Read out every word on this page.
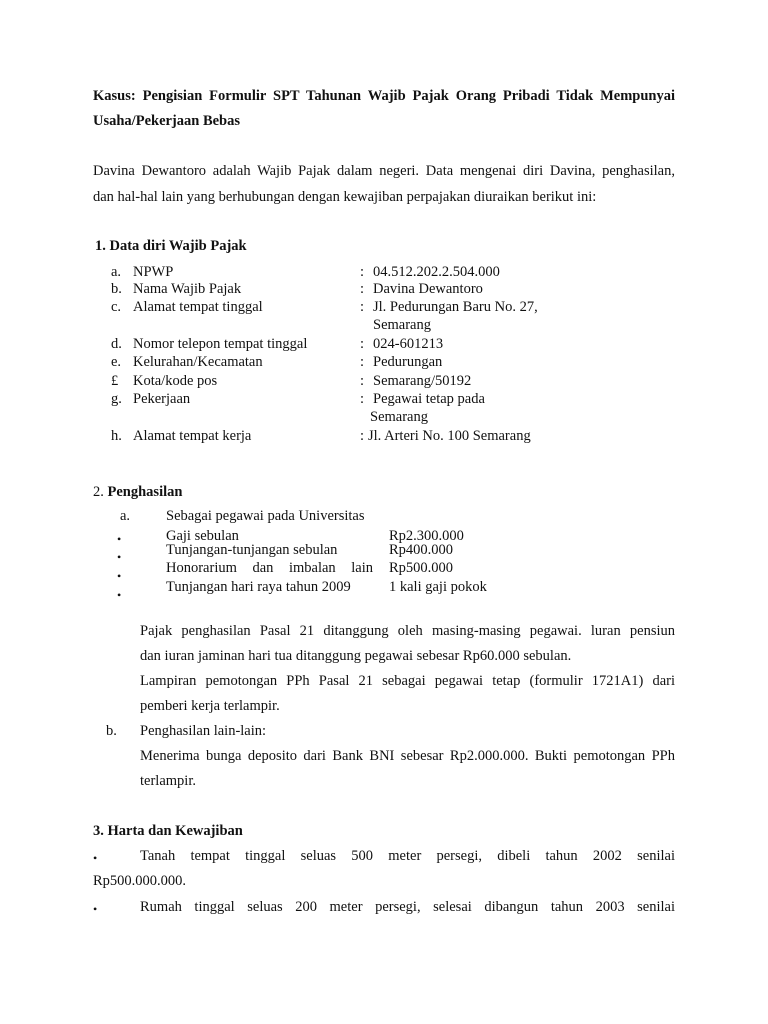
Kasus: Pengisian Formulir SPT Tahunan Wajib Pajak Orang Pribadi Tidak Mempunyai
Usaha/Pekerjaan Bebas
Davina Dewantoro adalah Wajib Pajak dalam negeri. Data mengenai diri Davina, penghasilan,
dan hal-hal lain yang berhubungan dengan kewajiban perpajakan diuraikan berikut ini:
1. Data diri Wajib Pajak
a. NPWP	: 04.512.202.2.504.000
b. Nama Wajib Pajak	: Davina Dewantoro
c. Alamat tempat tinggal	: Jl. Pedurungan Baru No. 27,
Semarang
d. Nomor telepon tempat tinggal	: 024-601213
e. Kelurahan/Kecamatan	: Pedurungan
£ Kota/kode pos	: Semarang/50192
g. Pekerjaan	: Pegawai tetap pada
Semarang
h. Alamat tempat kerja	: Jl. Arteri No. 100 Semarang
2. Penghasilan
a. Sebagai pegawai pada Universitas
•	Gaji sebulan	Rp2.300.000
•	Tunjangan-tunjangan sebulan	Rp400.000
•	Honorarium dan imbalan lain Rp500.000
•	Tunjangan hari raya tahun 2009	1 kali gaji pokok
Pajak penghasilan Pasal 21 ditanggung oleh masing-masing pegawai. luran pensiun
dan iuran jaminan hari tua ditanggung pegawai sebesar Rp60.000 sebulan.
Lampiran pemotongan PPh Pasal 21 sebagai pegawai tetap (formulir 1721A1) dari
pemberi kerja terlampir.
b. Penghasilan lain-lain:
Menerima bunga deposito dari Bank BNI sebesar Rp2.000.000. Bukti pemotongan PPh
terlampir.
3. Harta dan Kewajiban
•	Tanah tempat tinggal seluas 500 meter persegi, dibeli tahun 2002 senilai
Rp500.000.000.
•	Rumah tinggal seluas 200 meter persegi, selesai dibangun tahun 2003 senilai
